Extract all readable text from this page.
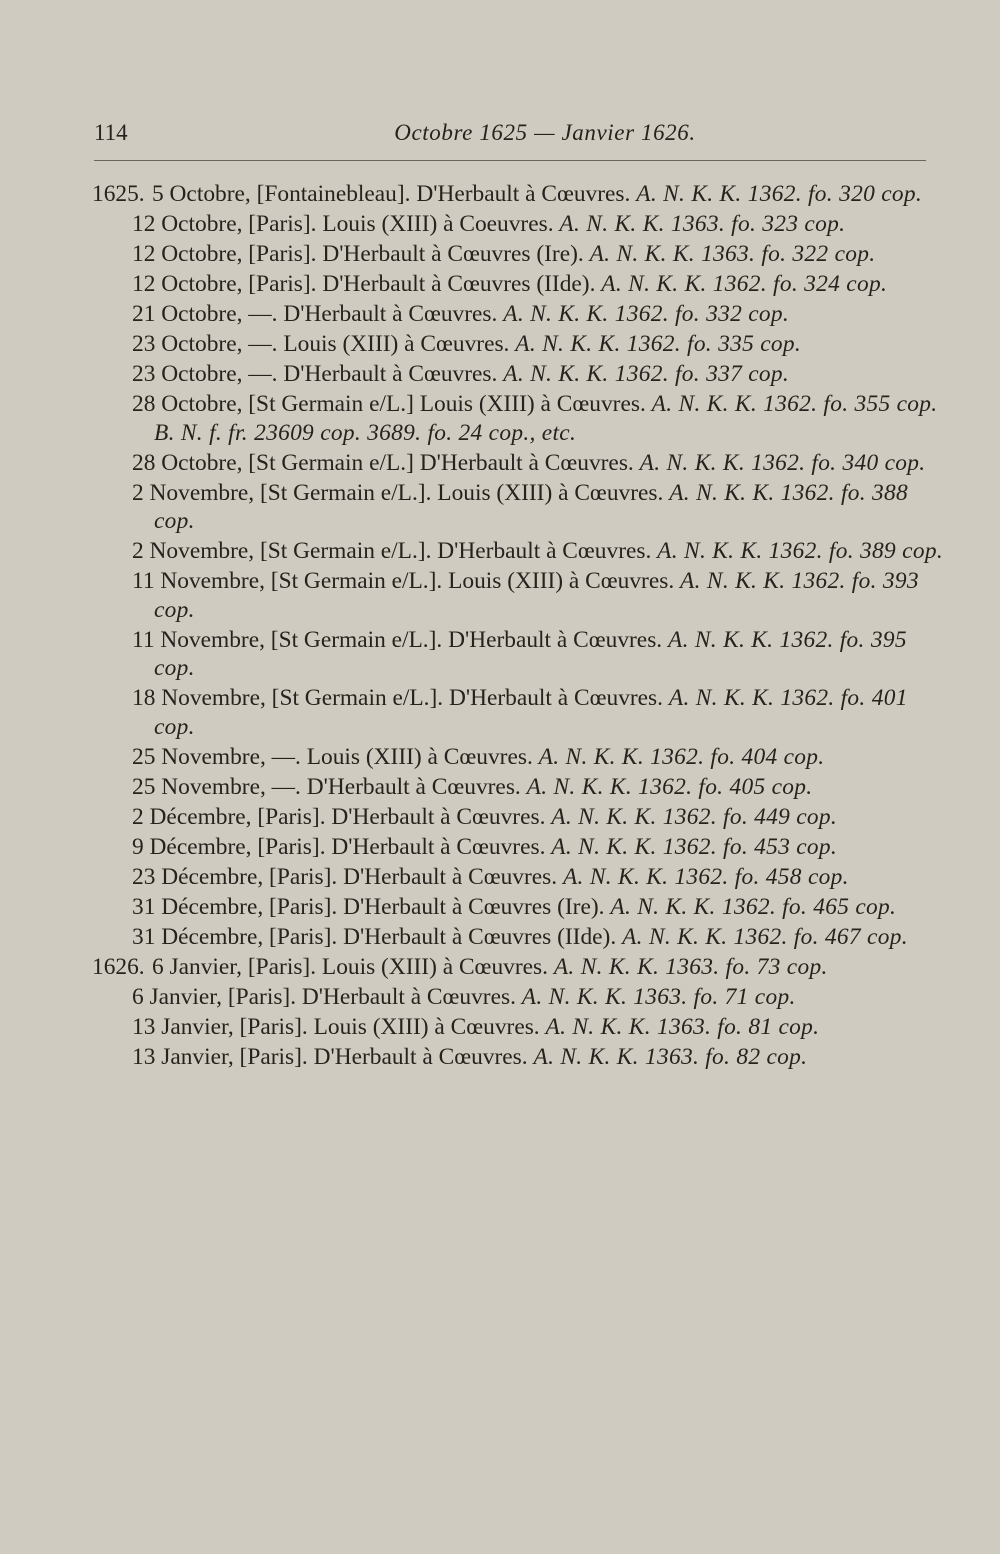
114	Octobre 1625 — Janvier 1626.
1625. 5 Octobre, [Fontainebleau]. D'Herbault à Cœuvres. A. N. K. K. 1362. fo. 320 cop.
12 Octobre, [Paris]. Louis (XIII) à Coeuvres. A. N. K. K. 1363. fo. 323 cop.
12 Octobre, [Paris]. D'Herbault à Cœuvres (Ire). A. N. K. K. 1363. fo. 322 cop.
12 Octobre, [Paris]. D'Herbault à Cœuvres (IIde). A. N. K. K. 1362. fo. 324 cop.
21 Octobre, —. D'Herbault à Cœuvres. A. N. K. K. 1362. fo. 332 cop.
23 Octobre, —. Louis (XIII) à Cœuvres. A. N. K. K. 1362. fo. 335 cop.
23 Octobre, —. D'Herbault à Cœuvres. A. N. K. K. 1362. fo. 337 cop.
28 Octobre, [St Germain e/L.] Louis (XIII) à Cœuvres. A. N. K. K. 1362. fo. 355 cop. B. N. f. fr. 23609 cop. 3689. fo. 24 cop., etc.
28 Octobre, [St Germain e/L.] D'Herbault à Cœuvres. A. N. K. K. 1362. fo. 340 cop.
2 Novembre, [St Germain e/L.]. Louis (XIII) à Cœuvres. A. N. K. K. 1362. fo. 388 cop.
2 Novembre, [St Germain e/L.]. D'Herbault à Cœuvres. A. N. K. K. 1362. fo. 389 cop.
11 Novembre, [St Germain e/L.]. Louis (XIII) à Cœuvres. A. N. K. K. 1362. fo. 393 cop.
11 Novembre, [St Germain e/L.]. D'Herbault à Cœuvres. A. N. K. K. 1362. fo. 395 cop.
18 Novembre, [St Germain e/L.]. D'Herbault à Cœuvres. A. N. K. K. 1362. fo. 401 cop.
25 Novembre, —. Louis (XIII) à Cœuvres. A. N. K. K. 1362. fo. 404 cop.
25 Novembre, —. D'Herbault à Cœuvres. A. N. K. K. 1362. fo. 405 cop.
2 Décembre, [Paris]. D'Herbault à Cœuvres. A. N. K. K. 1362. fo. 449 cop.
9 Décembre, [Paris]. D'Herbault à Cœuvres. A. N. K. K. 1362. fo. 453 cop.
23 Décembre, [Paris]. D'Herbault à Cœuvres. A. N. K. K. 1362. fo. 458 cop.
31 Décembre, [Paris]. D'Herbault à Cœuvres (Ire). A. N. K. K. 1362. fo. 465 cop.
31 Décembre, [Paris]. D'Herbault à Cœuvres (IIde). A. N. K. K. 1362. fo. 467 cop.
1626. 6 Janvier, [Paris]. Louis (XIII) à Cœuvres. A. N. K. K. 1363. fo. 73 cop.
6 Janvier, [Paris]. D'Herbault à Cœuvres. A. N. K. K. 1363. fo. 71 cop.
13 Janvier, [Paris]. Louis (XIII) à Cœuvres. A. N. K. K. 1363. fo. 81 cop.
13 Janvier, [Paris]. D'Herbault à Cœuvres. A. N. K. K. 1363. fo. 82 cop.
